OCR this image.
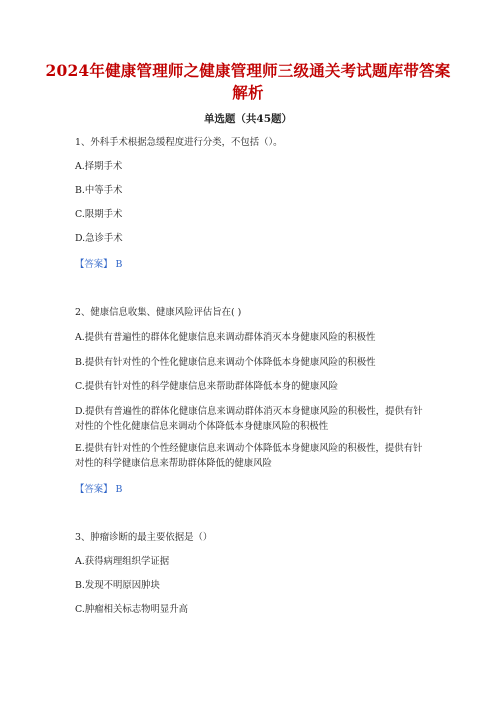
2024年健康管理师之健康管理师三级通关考试题库带答案解析
单选题（共45题）
1、外科手术根据急缓程度进行分类，不包括（）。
A.择期手术
B.中等手术
C.限期手术
D.急诊手术
【答案】 B
2、健康信息收集、健康风险评估旨在( )
A.提供有普遍性的群体化健康信息来调动群体消灭本身健康风险的积极性
B.提供有针对性的个性化健康信息来调动个体降低本身健康风险的积极性
C.提供有针对性的科学健康信息来帮助群体降低本身的健康风险
D.提供有普遍性的群体化健康信息来调动群体消灭本身健康风险的积极性，提供有针对性的个性化健康信息来调动个体降低本身健康风险的积极性
E.提供有针对性的个性经健康信息来调动个体降低本身健康风险的积极性，提供有针对性的科学健康信息来帮助群体降低的健康风险
【答案】 B
3、肿瘤诊断的最主要依据是（）
A.获得病理组织学证据
B.发现不明原因肿块
C.肿瘤相关标志物明显升高
